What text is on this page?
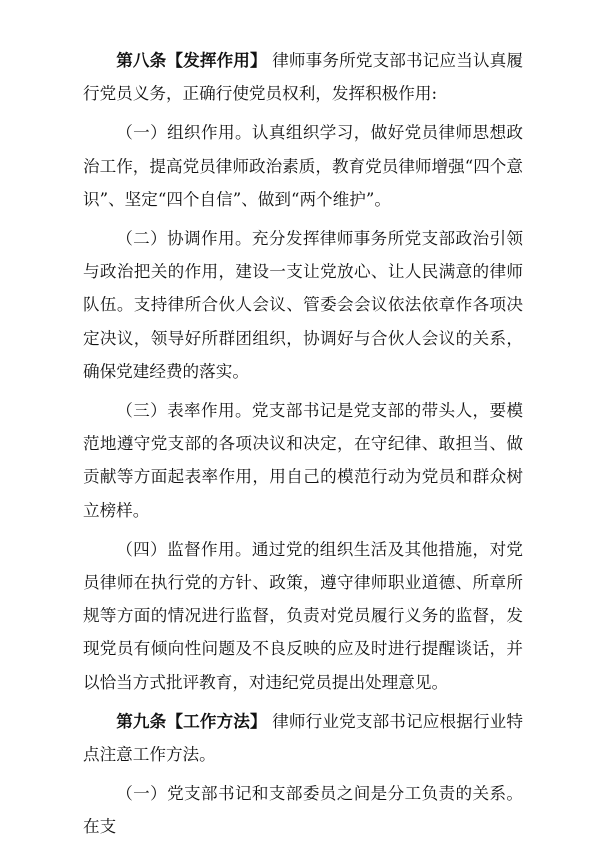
第八条【发挥作用】 律师事务所党支部书记应当认真履行党员义务，正确行使党员权利，发挥积极作用:

（一）组织作用。认真组织学习，做好党员律师思想政治工作，提高党员律师政治素质，教育党员律师增强“四个意识”、坚定“四个自信”、做到“两个维护”。

（二）协调作用。充分发挥律师事务所党支部政治引领与政治把关的作用，建设一支让党放心、让人民满意的律师队伍。支持律所合伙人会议、管委会会议依法依章作各项决定决议，领导好所群团组织，协调好与合伙人会议的关系，确保党建经费的落实。

（三）表率作用。党支部书记是党支部的带头人，要模范地遵守党支部的各项决议和决定，在守纪律、敢担当、做贡献等方面起表率作用，用自己的模范行动为党员和群众树立榜样。

（四）监督作用。通过党的组织生活及其他措施，对党员律师在执行党的方针、政策，遵守律师职业道德、所章所规等方面的情况进行监督，负责对党员履行义务的监督，发现党员有倾向性问题及不良反映的应及时进行提醒谈话，并以恰当方式批评教育，对违纪党员提出处理意见。

第九条【工作方法】 律师行业党支部书记应根据行业特点注意工作方法。

（一）党支部书记和支部委员之间是分工负责的关系。在支
